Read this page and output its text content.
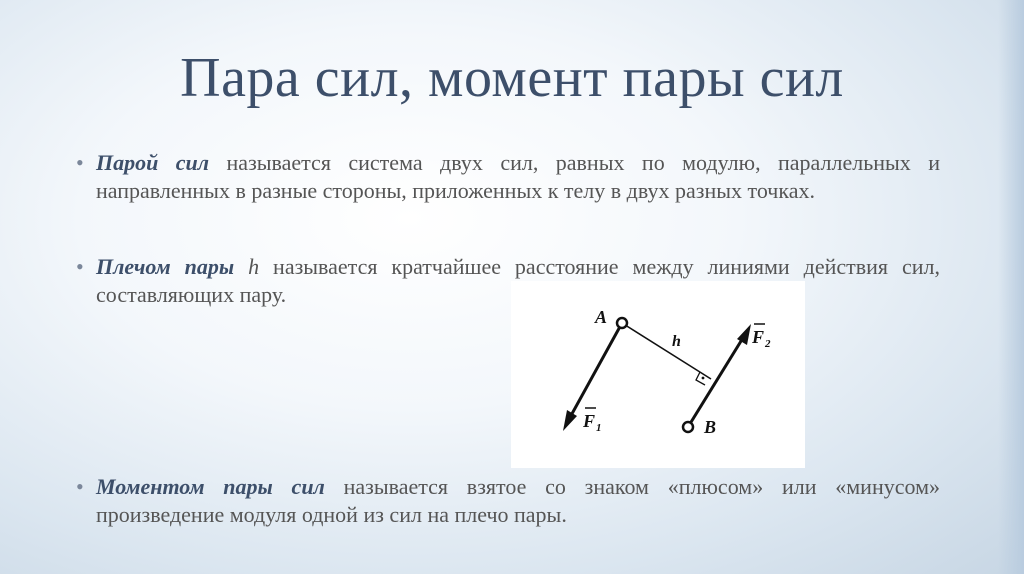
Пара сил, момент пары сил
• Парой сил называется система двух сил, равных по модулю, параллельных и направленных в разные стороны, приложенных к телу в двух разных точках.
• Плечом пары h называется кратчайшее расстояние между линиями действия сил, составляющих пару.
A
B
h	F 2
F 1
• Моментом пары сил называется взятое со знаком «плюсом» или «минусом» произведение модуля одной из сил на плечо пары.
